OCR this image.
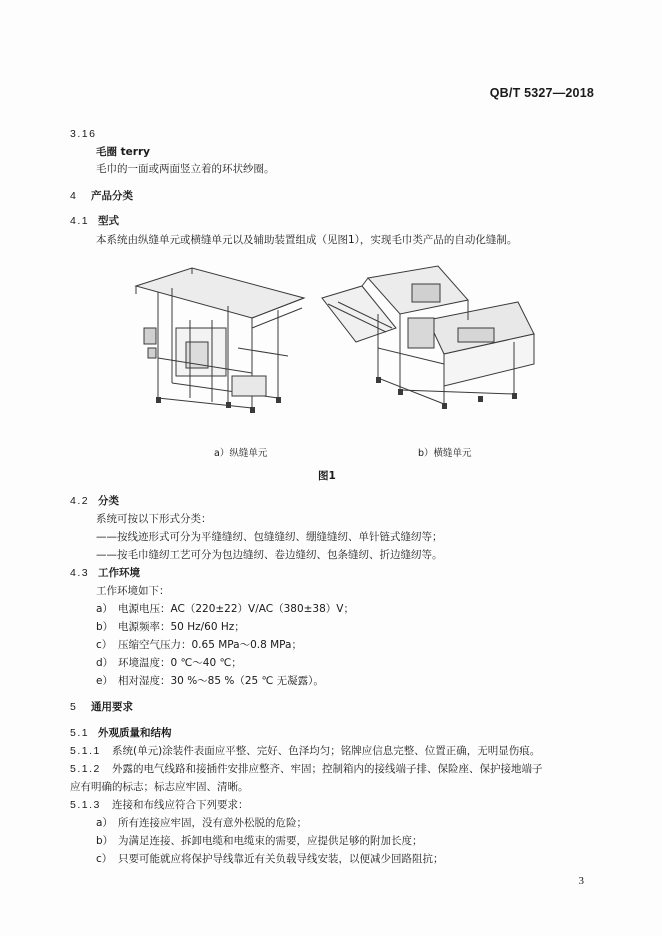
QB/T 5327—2018
3.16
毛圈 terry
毛巾的一面或两面竖立着的环状纱圈。
4 产品分类
4.1 型式
本系统由纵缝单元或横缝单元以及辅助装置组成（见图1），实现毛巾类产品的自动化缝制。
a）纵缝单元	b）横缝单元
图1
4.2 分类
系统可按以下形式分类：
——按线迹形式可分为平缝缝纫、包缝缝纫、绷缝缝纫、单针链式缝纫等；
——按毛巾缝纫工艺可分为包边缝纫、卷边缝纫、包条缝纫、折边缝纫等。
4.3 工作环境
工作环境如下：
a） 电源电压：AC（220±22）V/AC（380±38）V；
b） 电源频率：50 Hz/60 Hz；
c） 压缩空气压力：0.65 MPa～0.8 MPa；
d） 环境温度：0 ℃～40 ℃；
e） 相对湿度：30 %～85 %（25 ℃ 无凝露）。
5 通用要求
5.1 外观质量和结构
5.1.1 系统(单元)涂装件表面应平整、完好、色泽均匀；铭牌应信息完整、位置正确，无明显伤痕。
5.1.2 外露的电气线路和接插件安排应整齐、牢固；控制箱内的接线端子排、保险座、保护接地端子
应有明确的标志；标志应牢固、清晰。
5.1.3 连接和布线应符合下列要求：
a） 所有连接应牢固，没有意外松脱的危险；
b） 为满足连接、拆卸电缆和电缆束的需要，应提供足够的附加长度；
c） 只要可能就应将保护导线靠近有关负载导线安装，以便减少回路阻抗；
3
